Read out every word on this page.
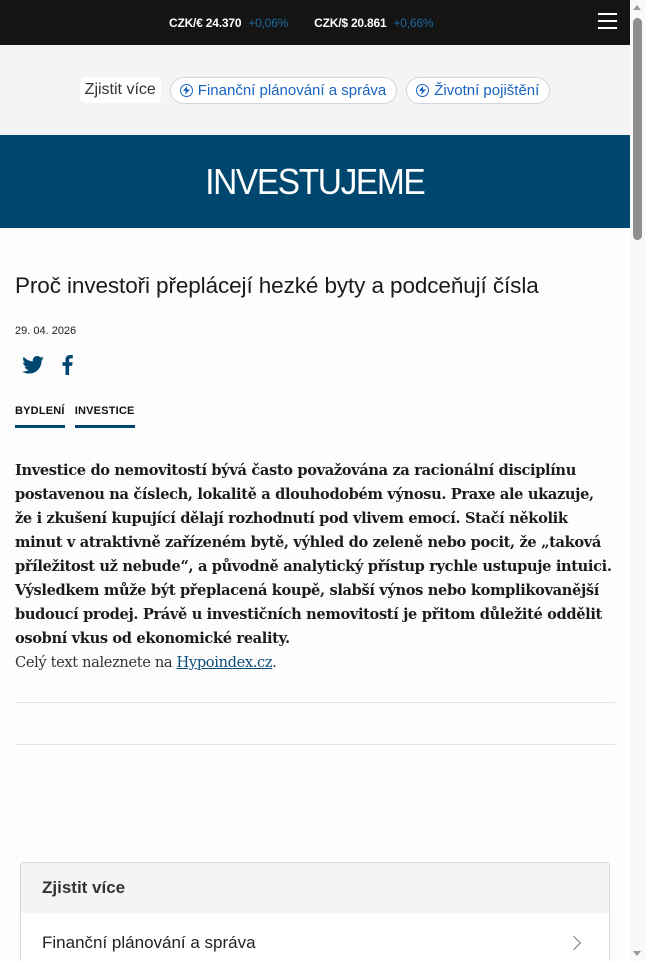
CZK/€ 24.370 +0,06% CZK/$ 20.861 +0,66%
Zjistit více	Finanční plánování a správa	Životní pojištění
INVESTUJEME
Proč investoři přeplácejí hezké byty a podceňují čísla
29. 04. 2026
BYDLENÍ INVESTICE

Investice do nemovitostí bývá často považována za racionální disciplínu postavenou na číslech, lokalitě a dlouhodobém výnosu. Praxe ale ukazuje, že i zkušení kupující dělají rozhodnutí pod vlivem emocí. Stačí několik minut v atraktivně zařízeném bytě, výhled do zeleně nebo pocit, že „taková příležitost už nebude“, a původně analytický přístup rychle ustupuje intuici. Výsledkem může být přeplacená koupě, slabší výnos nebo komplikovanější budoucí prodej. Právě u investičních nemovitostí je přitom důležité oddělit osobní vkus od ekonomické reality.

Celý text naleznete na Hypoindex.cz.

Zjistit více
Finanční plánování a správa
